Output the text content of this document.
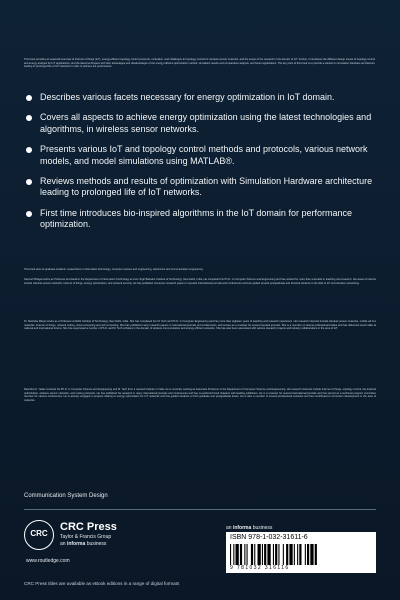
This book provides an essential overview of Internet of things (IoT), energy-efficient topology control protocols, motivation, and challenges for topology control for wireless sensor networks, and the scope of the research in the domain of IoT. Further, it introduces the different design issues of topology control and energy analysis for IoT applications, and the latest techniques with their advantages and disadvantages of the energy-efficient optimization method, simulation results and comparative analysis, and future applications. The key point of this book is to provide a solution to simulation hardware architecture leading to prolonged life of IoT networks in order to achieve the performance.
Describes various facets necessary for energy optimization in IoT domain.
Covers all aspects to achieve energy optimization using the latest technologies and algorithms, in wireless sensor networks.
Presents various IoT and topology control methods and protocols, various network models, and model simulations using MATLAB®.
Reviews methods and results of optimization with Simulation Hardware architecture leading to prolonged life of IoT networks.
First time introduces bio-inspired algorithms in the IoT domain for performance optimization.
This book aims at graduate students, researchers in information technology, computer science and engineering, electronics and communication engineering.
Sarvesh Bhagat works as Professor and Head in the Department of Information Technology at Guru Tegh Bahadur Institute of Technology, New Delhi, India. He completed his Ph.D. in Computer Science and Engineering and has worked for more than a decade in teaching and research. His areas of interest include wireless sensor networks, Internet of things, energy optimization, and network security. He has published numerous research papers in reputed international journals and conferences and has guided several postgraduate and doctoral students in the field of IoT and wireless networking.
Dr. Manisha Manjul works as a Professor at Delhi Institute of Technology, New Delhi, India. She has completed her M. Tech and Ph.D. in Computer Engineering and has more than eighteen years of teaching and research experience. Her research interests include wireless sensor networks, mobile ad hoc networks, Internet of things, network coding, cloud computing and soft computing. She has published many research papers in international journals and conferences, and serves as a reviewer for several reputed journals. She is a member of various professional bodies and has delivered expert talks at national and international forums. She has supervised a number of Ph.D. and M. Tech scholars in the domain of wireless communication and energy efficient networks. She has also been associated with various research projects and industry collaborations in the area of IoT.
Ravindra S. Yadav received his Ph.D. in Computer Science and Engineering and M. Tech from a reputed Institute in India. He is currently working as Associate Professor in the Department of Computer Science and Engineering. His research interests include Internet of things, topology control, bio-inspired optimization, wireless sensor networks, and routing protocols. He has published his research in many international journals and conferences and has co-authored book chapters with leading publishers. He is a reviewer for several international journals and has served as a technical program committee member for various conferences. He is actively engaged in projects relating to energy optimization for IoT networks and has guided students at both graduate and postgraduate levels. He is also a member of several professional societies and has contributed to curriculum development in the area of networks.
Communication System Design
CRC
CRC Press
Taylor & Francis Group
an informa business
www.routledge.com
an informa business
ISBN 978-1-032-31611-6
9 781032 316116
CRC Press titles are available as eBook editions in a range of digital formats
